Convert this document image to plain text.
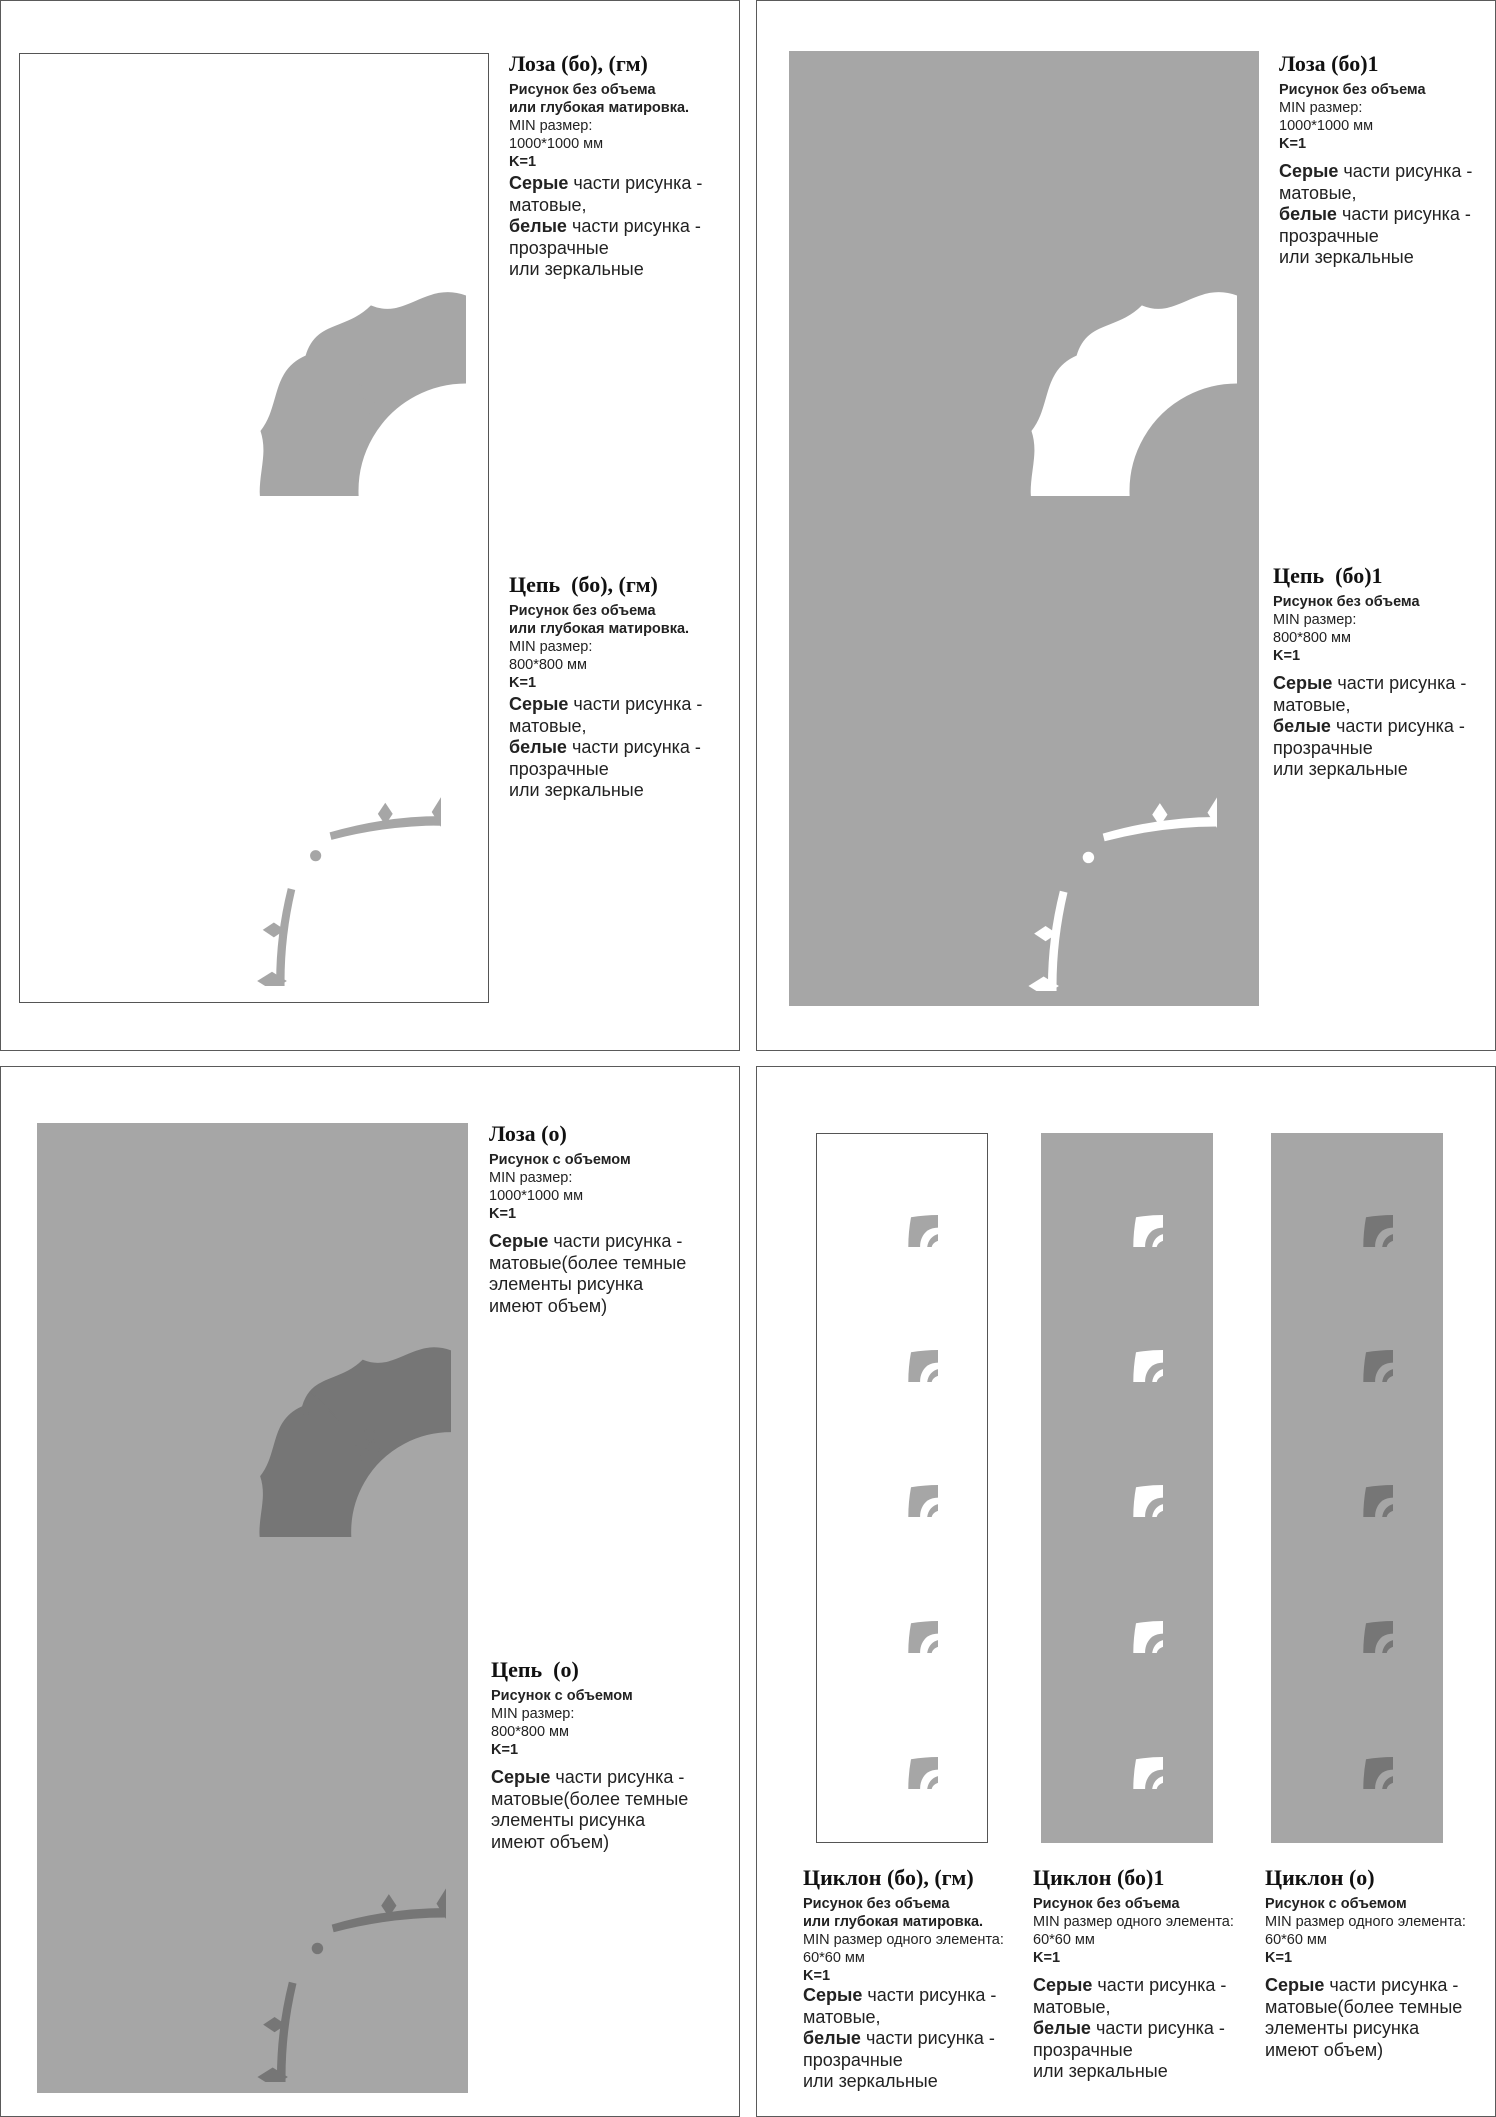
Лоза (бо), (гм)
Рисунок без объема
или глубокая матировка.
MIN размер:
1000*1000 мм
K=1
Серые части рисунка -
матовые,
белые части рисунка -
прозрачные
или зеркальные
Цепь  (бо), (гм)
Рисунок без объема
или глубокая матировка.
MIN размер:
800*800 мм
K=1
Серые части рисунка -
матовые,
белые части рисунка -
прозрачные
или зеркальные
Лоза (бо)1
Рисунок без объема
MIN размер:
1000*1000 мм
K=1
Серые части рисунка -
матовые,
белые части рисунка -
прозрачные
или зеркальные
Цепь  (бо)1
Рисунок без объема
MIN размер:
800*800 мм
K=1
Серые части рисунка -
матовые,
белые части рисунка -
прозрачные
или зеркальные
Лоза (о)
Рисунок с объемом
MIN размер:
1000*1000 мм
K=1
Серые части рисунка -
матовые(более темные
элементы рисунка
имеют объем)
Цепь  (о)
Рисунок с объемом
MIN размер:
800*800 мм
K=1
Серые части рисунка -
матовые(более темные
элементы рисунка
имеют объем)
Циклон (бо), (гм)
Рисунок без объема
или глубокая матировка.
MIN размер одного элемента:
60*60 мм
K=1
Серые части рисунка -
матовые,
белые части рисунка -
прозрачные
или зеркальные
Циклон (бо)1
Рисунок без объема
MIN размер одного элемента:
60*60 мм
K=1
Серые части рисунка -
матовые,
белые части рисунка -
прозрачные
или зеркальные
Циклон (о)
Рисунок с объемом
MIN размер одного элемента:
60*60 мм
K=1
Серые части рисунка -
матовые(более темные
элементы рисунка
имеют объем)
